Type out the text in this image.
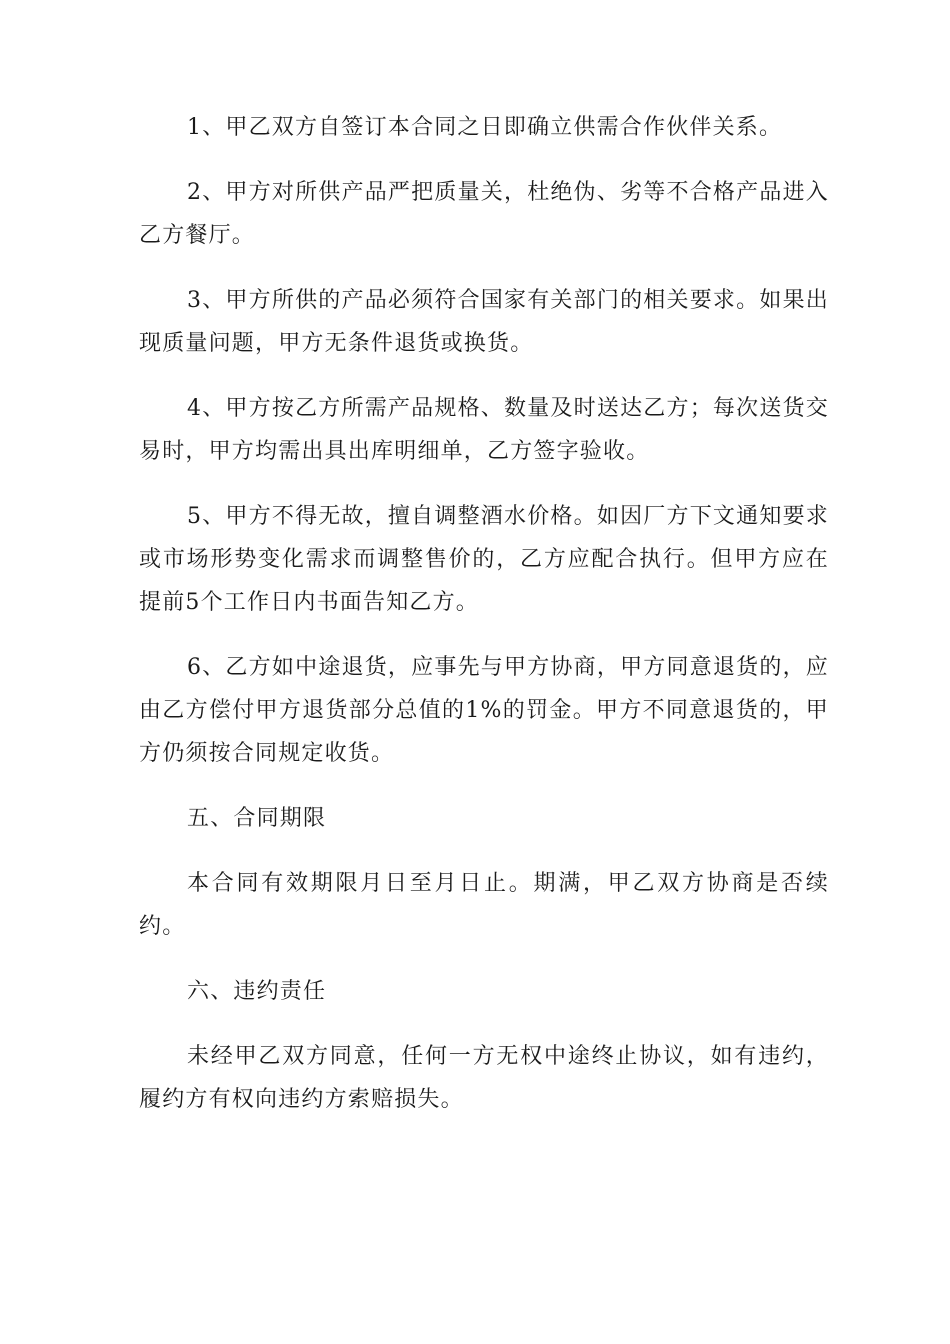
1、甲乙双方自签订本合同之日即确立供需合作伙伴关系。

2、甲方对所供产品严把质量关，杜绝伪、劣等不合格产品进入乙方餐厅。

3、甲方所供的产品必须符合国家有关部门的相关要求。如果出现质量问题，甲方无条件退货或换货。

4、甲方按乙方所需产品规格、数量及时送达乙方；每次送货交易时，甲方均需出具出库明细单，乙方签字验收。

5、甲方不得无故，擅自调整酒水价格。如因厂方下文通知要求或市场形势变化需求而调整售价的，乙方应配合执行。但甲方应在提前5个工作日内书面告知乙方。

6、乙方如中途退货，应事先与甲方协商，甲方同意退货的，应由乙方偿付甲方退货部分总值的1%的罚金。甲方不同意退货的，甲方仍须按合同规定收货。

五、合同期限

本合同有效期限月日至月日止。期满，甲乙双方协商是否续约。

六、违约责任

未经甲乙双方同意，任何一方无权中途终止协议，如有违约，履约方有权向违约方索赔损失。
